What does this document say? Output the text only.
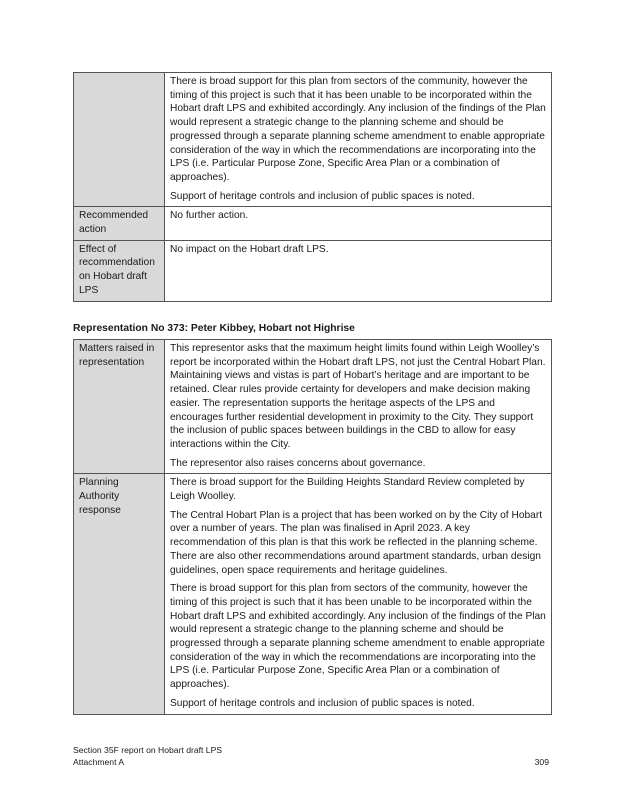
	There is broad support for this plan from sectors of the community, however the timing of this project is such that it has been unable to be incorporated within the Hobart draft LPS and exhibited accordingly. Any inclusion of the findings of the Plan would represent a strategic change to the planning scheme and should be progressed through a separate planning scheme amendment to enable appropriate consideration of the way in which the recommendations are incorporating into the LPS (i.e. Particular Purpose Zone, Specific Area Plan or a combination of approaches).

Support of heritage controls and inclusion of public spaces is noted.

Recommended action	No further action.
Effect of recommendation on Hobart draft LPS	No impact on the Hobart draft LPS.
Representation No 373: Peter Kibbey, Hobart not Highrise
Matters raised in representation	This representor asks that the maximum height limits found within Leigh Woolley’s report be incorporated within the Hobart draft LPS, not just the Central Hobart Plan. Maintaining views and vistas is part of Hobart’s heritage and are important to be retained. Clear rules provide certainty for developers and make decision making easier. The representation supports the heritage aspects of the LPS and encourages further residential development in proximity to the City. They support the inclusion of public spaces between buildings in the CBD to allow for easy interactions within the City.

The representor also raises concerns about governance.

Planning Authority response	There is broad support for the Building Heights Standard Review completed by Leigh Woolley.

The Central Hobart Plan is a project that has been worked on by the City of Hobart over a number of years. The plan was finalised in April 2023. A key recommendation of this plan is that this work be reflected in the planning scheme. There are also other recommendations around apartment standards, urban design guidelines, open space requirements and heritage guidelines.

There is broad support for this plan from sectors of the community, however the timing of this project is such that it has been unable to be incorporated within the Hobart draft LPS and exhibited accordingly. Any inclusion of the findings of the Plan would represent a strategic change to the planning scheme and should be progressed through a separate planning scheme amendment to enable appropriate consideration of the way in which the recommendations are incorporating into the LPS (i.e. Particular Purpose Zone, Specific Area Plan or a combination of approaches).

Support of heritage controls and inclusion of public spaces is noted.

Section 35F report on Hobart draft LPS
Attachment A	309
